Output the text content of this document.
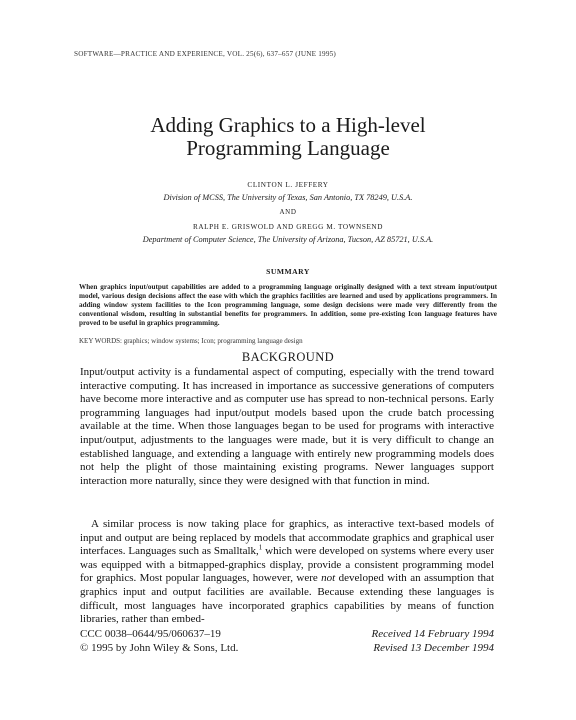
SOFTWARE—PRACTICE AND EXPERIENCE, VOL. 25(6), 637–657 (JUNE 1995)
Adding Graphics to a High-level
Programming Language
CLINTON L. JEFFERY
Division of MCSS, The University of Texas, San Antonio, TX 78249, U.S.A.
AND
RALPH E. GRISWOLD AND GREGG M. TOWNSEND
Department of Computer Science, The University of Arizona, Tucson, AZ 85721, U.S.A.
SUMMARY
When graphics input/output capabilities are added to a programming language originally designed with a text stream input/output model, various design decisions affect the ease with which the graphics facilities are learned and used by applications programmers. In adding window system facilities to the Icon programming language, some design decisions were made very differently from the conventional wisdom, resulting in substantial benefits for programmers. In addition, some pre-existing Icon language features have proved to be useful in graphics programming.
KEY WORDS: graphics; window systems; Icon; programming language design
BACKGROUND

Input/output activity is a fundamental aspect of computing, especially with the trend toward interactive computing. It has increased in importance as successive generations of computers have become more interactive and as computer use has spread to non-technical persons. Early programming languages had input/output models based upon the crude batch processing available at the time. When those languages began to be used for programs with interactive input/output, adjustments to the languages were made, but it is very difficult to change an established language, and extending a language with entirely new programming models does not help the plight of those maintaining existing programs. Newer languages support interaction more naturally, since they were designed with that function in mind.

A similar process is now taking place for graphics, as interactive text-based models of input and output are being replaced by models that accommodate graphics and graphical user interfaces. Languages such as Smalltalk,$^1$ which were developed on systems where every user was equipped with a bitmapped-graphics display, provide a consistent programming model for graphics. Most popular languages, however, were not developed with an assumption that graphics input and output facilities are available. Because extending these languages is difficult, most languages have incorporated graphics capabilities by means of function libraries, rather than embed-

CCC 0038–0644/95/060637–19
© 1995 by John Wiley & Sons, Ltd.
Received 14 February 1994
Revised 13 December 1994
